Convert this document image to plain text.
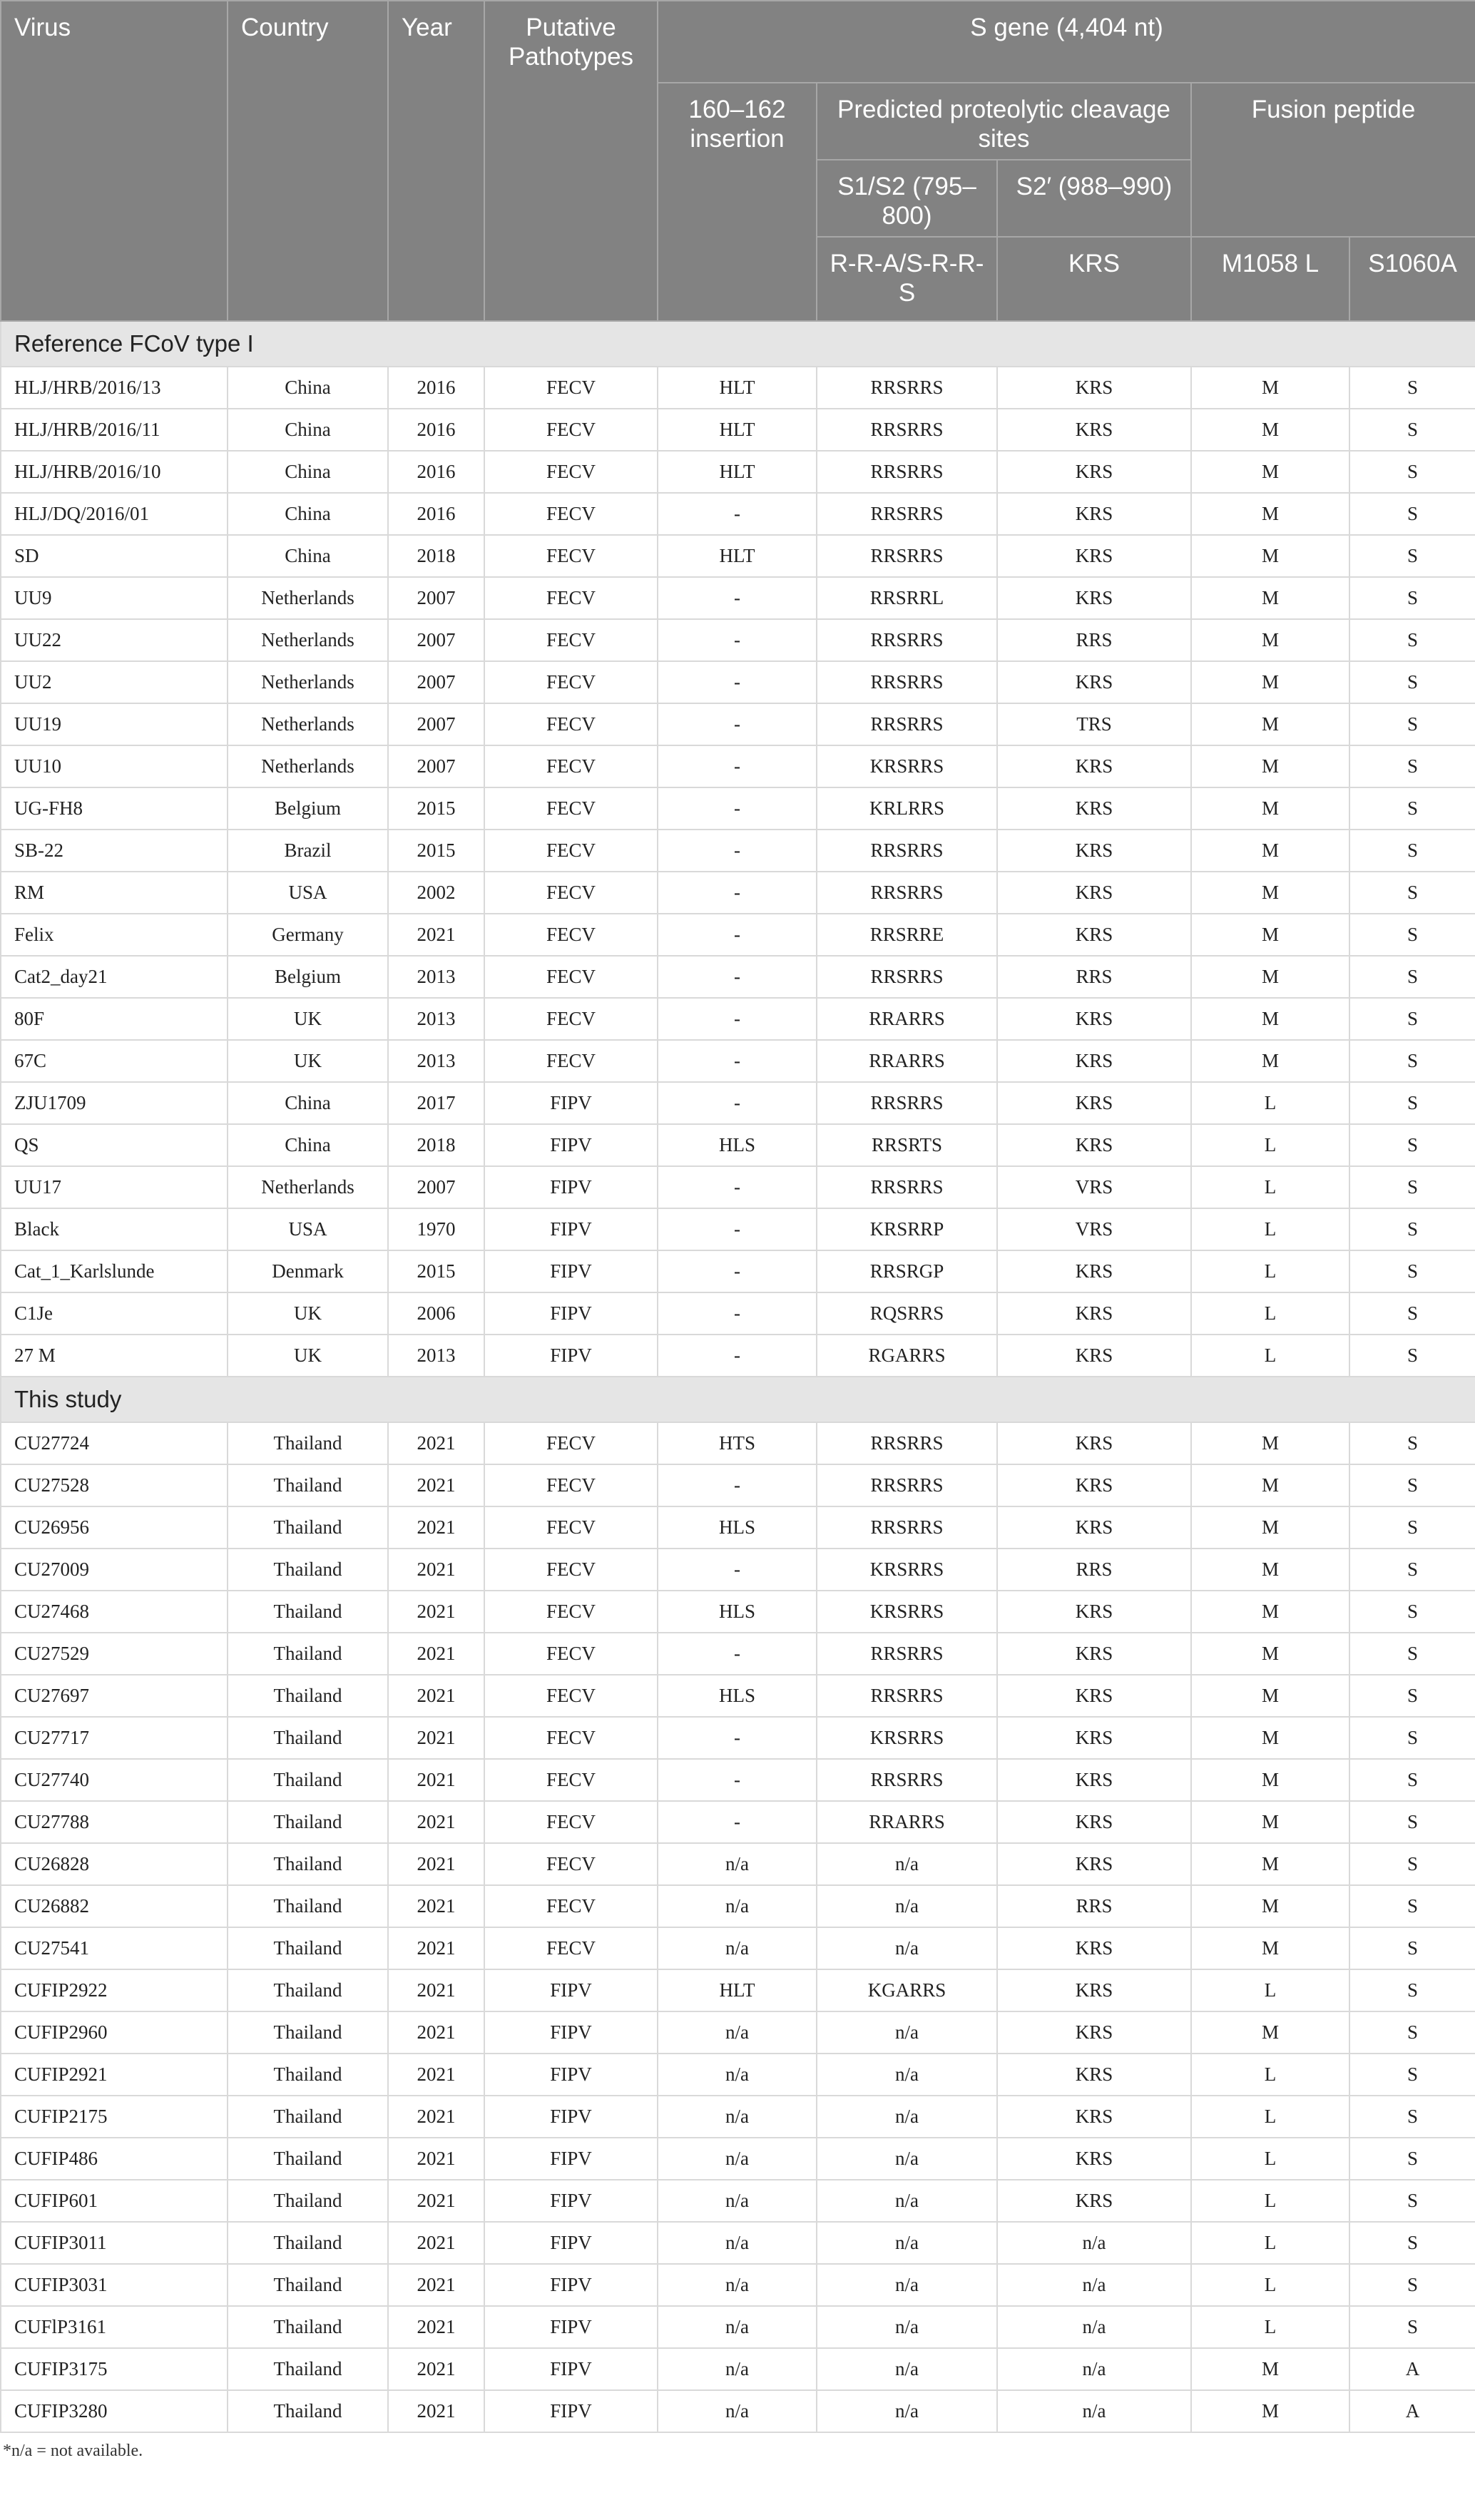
Virus	Country	Year	Putative Pathotypes	S gene (4,404 nt)				
				160–162 insertion	Predicted proteolytic cleavage sites		Fusion peptide	
					S1/S2 (795–800)	S2′ (988–990)		
					R-R-A/S-R-R-S	KRS	M1058 L	S1060A
Reference FCoV type I								
HLJ/HRB/2016/13	China	2016	FECV	HLT	RRSRRS	KRS	M	S
HLJ/HRB/2016/11	China	2016	FECV	HLT	RRSRRS	KRS	M	S
HLJ/HRB/2016/10	China	2016	FECV	HLT	RRSRRS	KRS	M	S
HLJ/DQ/2016/01	China	2016	FECV	-	RRSRRS	KRS	M	S
SD	China	2018	FECV	HLT	RRSRRS	KRS	M	S
UU9	Netherlands	2007	FECV	-	RRSRRL	KRS	M	S
UU22	Netherlands	2007	FECV	-	RRSRRS	RRS	M	S
UU2	Netherlands	2007	FECV	-	RRSRRS	KRS	M	S
UU19	Netherlands	2007	FECV	-	RRSRRS	TRS	M	S
UU10	Netherlands	2007	FECV	-	KRSRRS	KRS	M	S
UG-FH8	Belgium	2015	FECV	-	KRLRRS	KRS	M	S
SB-22	Brazil	2015	FECV	-	RRSRRS	KRS	M	S
RM	USA	2002	FECV	-	RRSRRS	KRS	M	S
Felix	Germany	2021	FECV	-	RRSRRE	KRS	M	S
Cat2_day21	Belgium	2013	FECV	-	RRSRRS	RRS	M	S
80F	UK	2013	FECV	-	RRARRS	KRS	M	S
67C	UK	2013	FECV	-	RRARRS	KRS	M	S
ZJU1709	China	2017	FIPV	-	RRSRRS	KRS	L	S
QS	China	2018	FIPV	HLS	RRSRTS	KRS	L	S
UU17	Netherlands	2007	FIPV	-	RRSRRS	VRS	L	S
Black	USA	1970	FIPV	-	KRSRRP	VRS	L	S
Cat_1_Karlslunde	Denmark	2015	FIPV	-	RRSRGP	KRS	L	S
C1Je	UK	2006	FIPV	-	RQSRRS	KRS	L	S
27 M	UK	2013	FIPV	-	RGARRS	KRS	L	S
This study								
CU27724	Thailand	2021	FECV	HTS	RRSRRS	KRS	M	S
CU27528	Thailand	2021	FECV	-	RRSRRS	KRS	M	S
CU26956	Thailand	2021	FECV	HLS	RRSRRS	KRS	M	S
CU27009	Thailand	2021	FECV	-	KRSRRS	RRS	M	S
CU27468	Thailand	2021	FECV	HLS	KRSRRS	KRS	M	S
CU27529	Thailand	2021	FECV	-	RRSRRS	KRS	M	S
CU27697	Thailand	2021	FECV	HLS	RRSRRS	KRS	M	S
CU27717	Thailand	2021	FECV	-	KRSRRS	KRS	M	S
CU27740	Thailand	2021	FECV	-	RRSRRS	KRS	M	S
CU27788	Thailand	2021	FECV	-	RRARRS	KRS	M	S
CU26828	Thailand	2021	FECV	n/a	n/a	KRS	M	S
CU26882	Thailand	2021	FECV	n/a	n/a	RRS	M	S
CU27541	Thailand	2021	FECV	n/a	n/a	KRS	M	S
CUFIP2922	Thailand	2021	FIPV	HLT	KGARRS	KRS	L	S
CUFIP2960	Thailand	2021	FIPV	n/a	n/a	KRS	M	S
CUFIP2921	Thailand	2021	FIPV	n/a	n/a	KRS	L	S
CUFIP2175	Thailand	2021	FIPV	n/a	n/a	KRS	L	S
CUFIP486	Thailand	2021	FIPV	n/a	n/a	KRS	L	S
CUFIP601	Thailand	2021	FIPV	n/a	n/a	KRS	L	S
CUFIP3011	Thailand	2021	FIPV	n/a	n/a	n/a	L	S
CUFIP3031	Thailand	2021	FIPV	n/a	n/a	n/a	L	S
CUFlP3161	Thailand	2021	FIPV	n/a	n/a	n/a	L	S
CUFIP3175	Thailand	2021	FIPV	n/a	n/a	n/a	M	A
CUFIP3280	Thailand	2021	FIPV	n/a	n/a	n/a	M	A
*n/a = not available.
